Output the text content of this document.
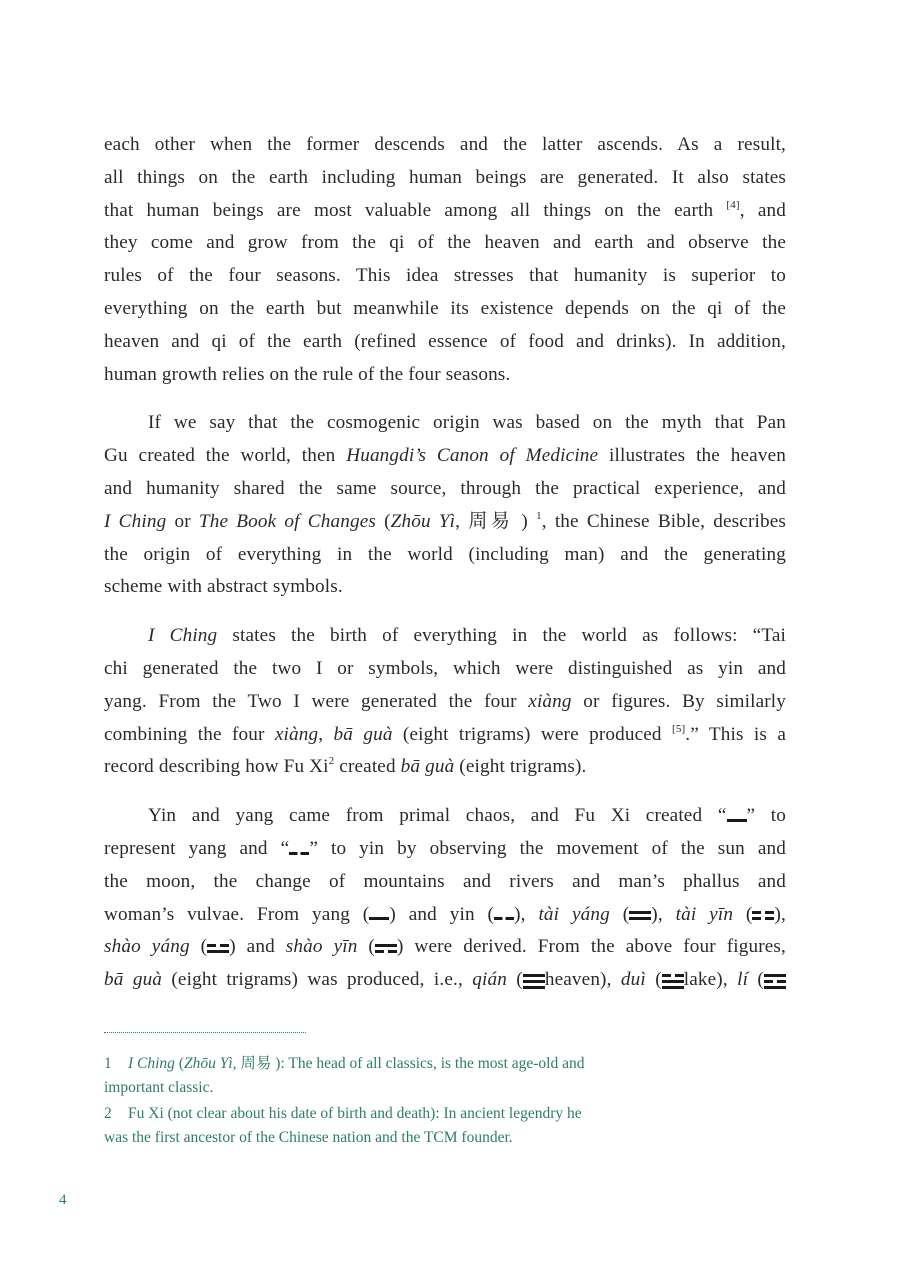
each other when the former descends and the latter ascends. As a result,
all things on the earth including human beings are generated. It also states
that human beings are most valuable among all things on the earth [4], and
they come and grow from the qi of the heaven and earth and observe the
rules of the four seasons. This idea stresses that humanity is superior to
everything on the earth but meanwhile its existence depends on the qi of the
heaven and qi of the earth (refined essence of food and drinks). In addition,
human growth relies on the rule of the four seasons.

If we say that the cosmogenic origin was based on the myth that Pan
Gu created the world, then Huangdi’s Canon of Medicine illustrates the heaven
and humanity shared the same source, through the practical experience, and
I Ching or The Book of Changes (Zhōu Yì, 周易 ) $^1$, the Chinese Bible, describes
the origin of everything in the world (including man) and the generating
scheme with abstract symbols.

I Ching states the birth of everything in the world as follows: “Tai
chi generated the two I or symbols, which were distinguished as yin and
yang. From the Two I were generated the four xiàng or figures. By similarly
combining the four xiàng, bā guà (eight trigrams) were produced [5].” This is a
record describing how Fu Xi$^2$ created bā guà (eight trigrams).

Yin and yang came from primal chaos, and Fu Xi created “ ” to
represent yang and “ ” to yin by observing the movement of the sun and
the moon, the change of mountains and rivers and man’s phallus and
woman’s vulvae. From yang ( ) and yin ( ), tài yáng ( ), tài yīn ( ),
shào yáng ( ) and shào yīn ( ) were derived. From the above four figures,
bā guà (eight trigrams) was produced, i.e., qián ( heaven), duì ( lake), lí (

1 I Ching (Zhōu Yì, 周易 ): The head of all classics, is the most age-old and
important classic.
2 Fu Xi (not clear about his date of birth and death): In ancient legendry he
was the first ancestor of the Chinese nation and the TCM founder.
4
